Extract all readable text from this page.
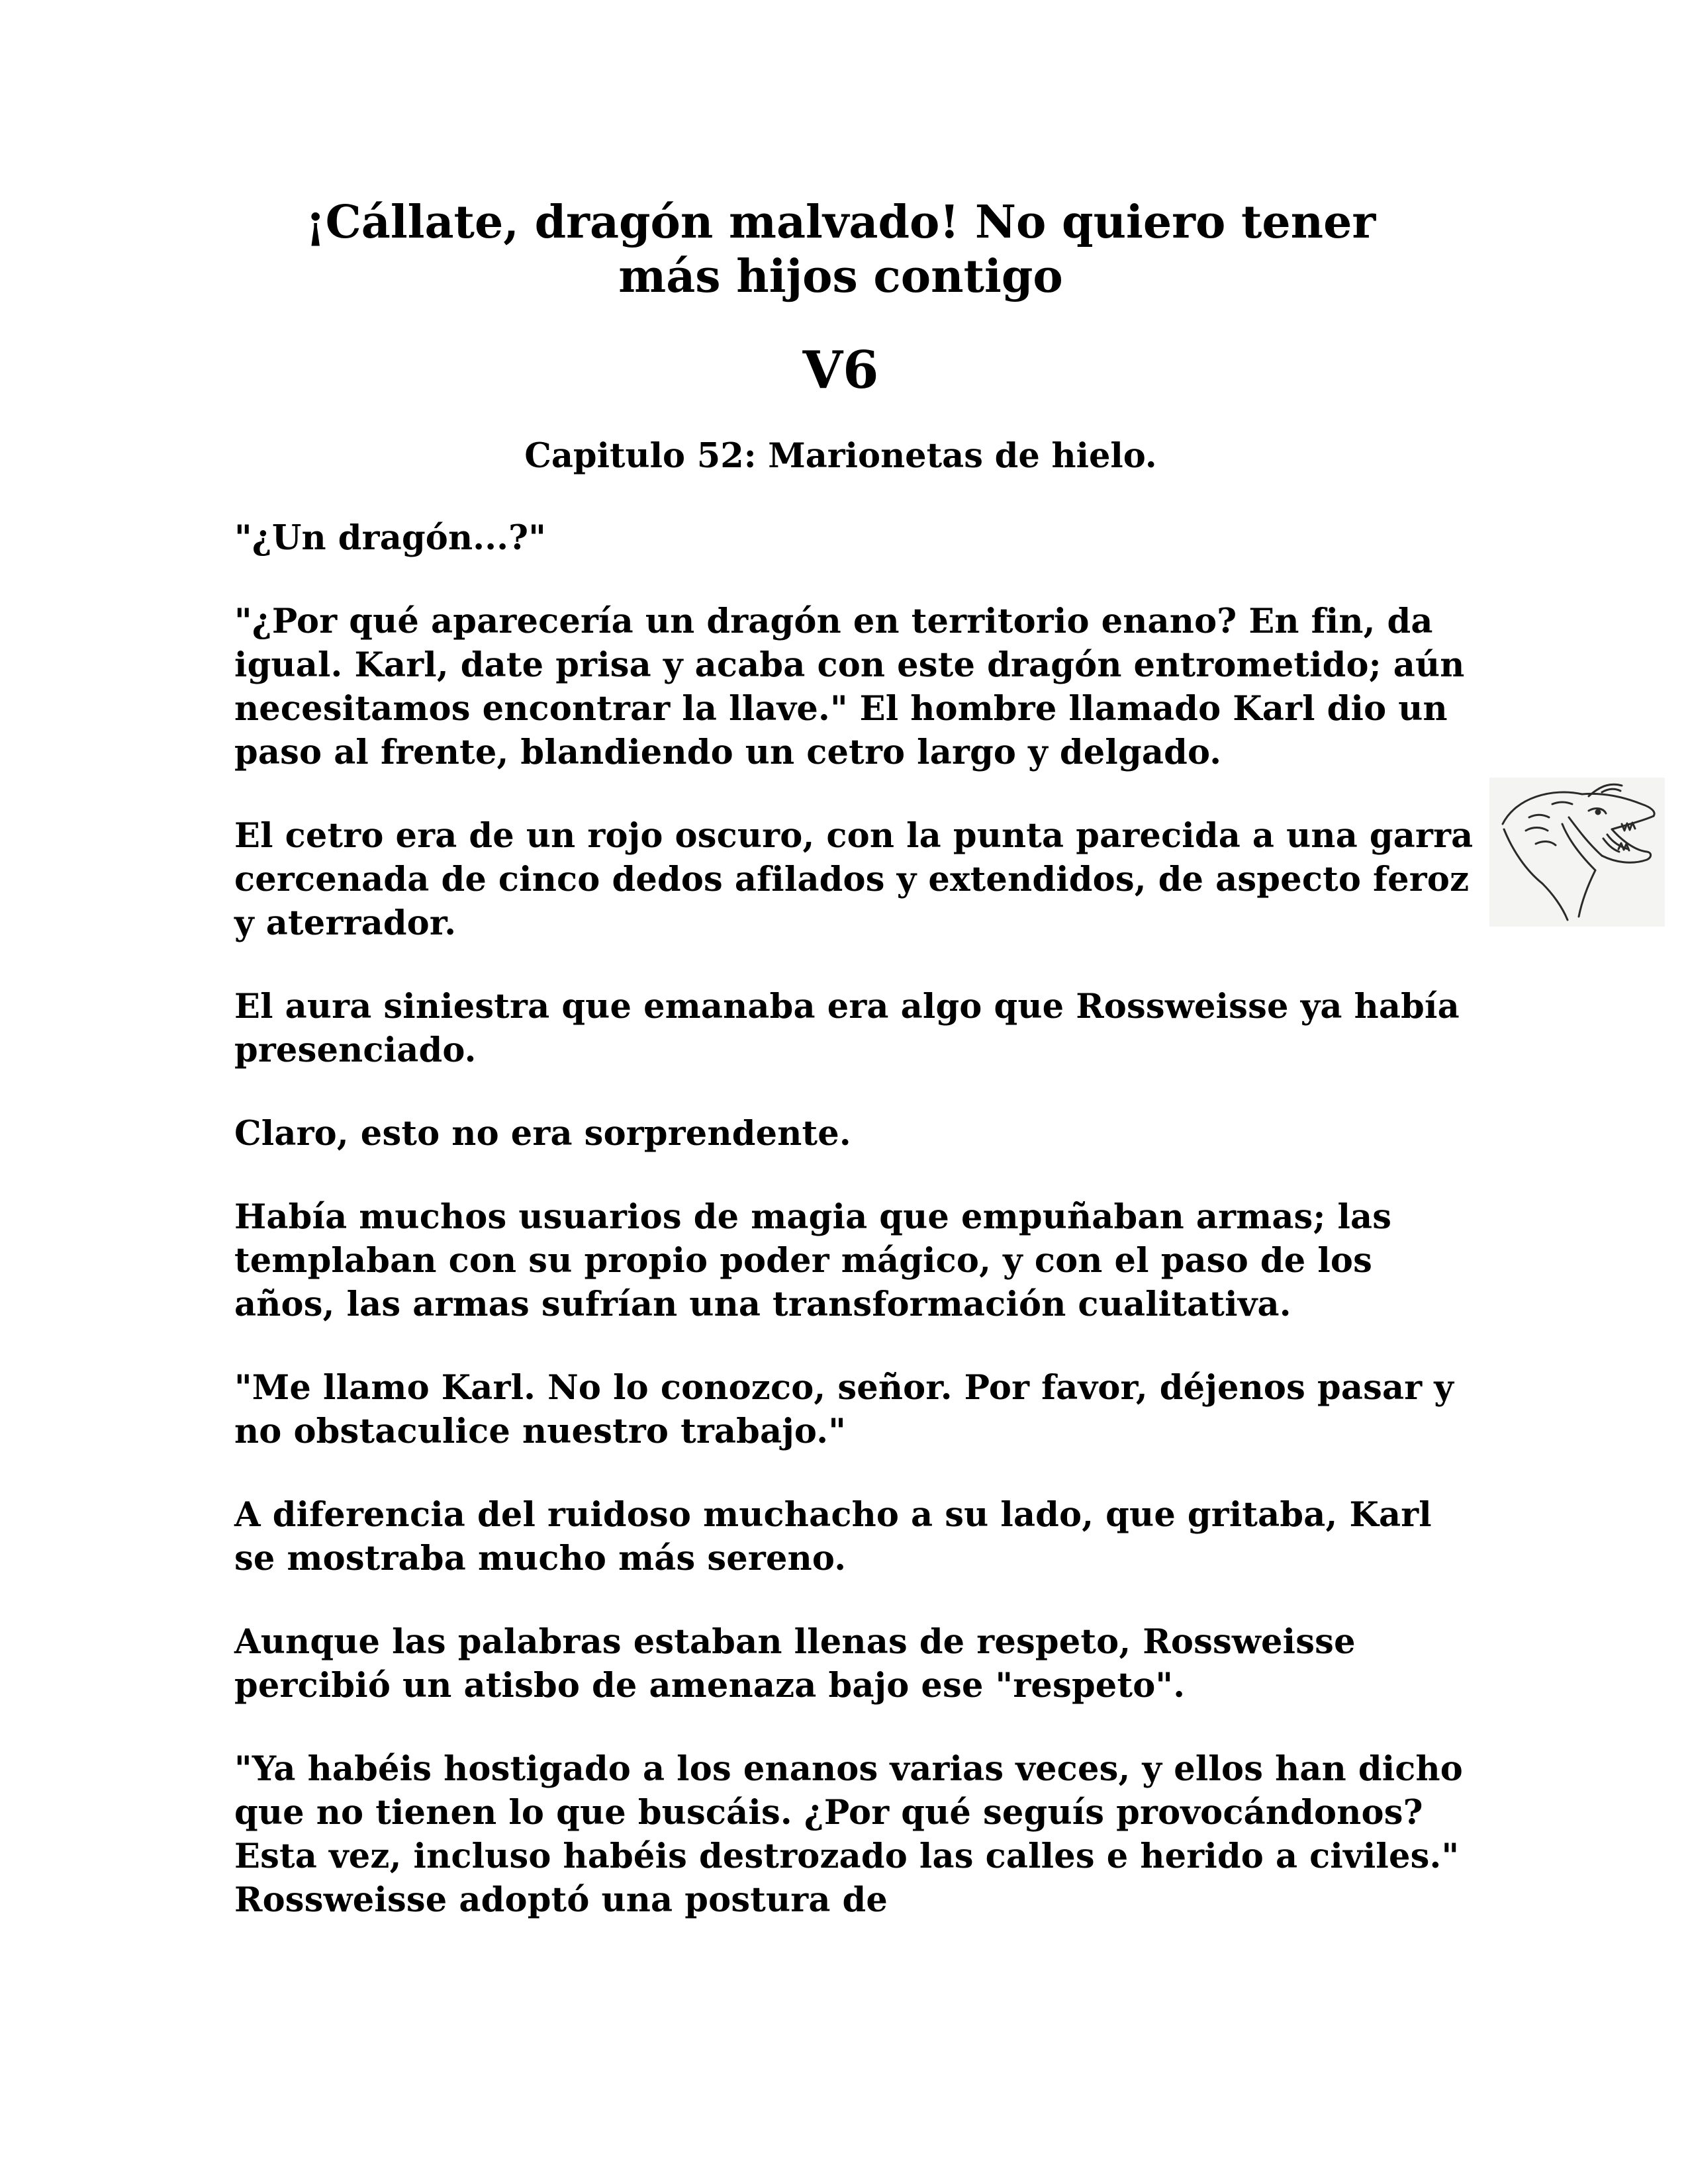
¡Cállate, dragón malvado! No quiero tener
más hijos contigo
V6
Capitulo 52: Marionetas de hielo.

"¿Un dragón...?"

"¿Por qué aparecería un dragón en territorio enano? En fin, da igual. Karl, date prisa y acaba con este dragón entrometido; aún necesitamos encontrar la llave." El hombre llamado Karl dio un paso al frente, blandiendo un cetro largo y delgado.

El cetro era de un rojo oscuro, con la punta parecida a una garra cercenada de cinco dedos afilados y extendidos, de aspecto feroz y aterrador.

El aura siniestra que emanaba era algo que Rossweisse ya había presenciado.

Claro, esto no era sorprendente.

Había muchos usuarios de magia que empuñaban armas; las templaban con su propio poder mágico, y con el paso de los años, las armas sufrían una transformación cualitativa.

"Me llamo Karl. No lo conozco, señor. Por favor, déjenos pasar y no obstaculice nuestro trabajo."

A diferencia del ruidoso muchacho a su lado, que gritaba, Karl se mostraba mucho más sereno.

Aunque las palabras estaban llenas de respeto, Rossweisse percibió un atisbo de amenaza bajo ese "respeto".

"Ya habéis hostigado a los enanos varias veces, y ellos han dicho que no tienen lo que buscáis. ¿Por qué seguís provocándonos? Esta vez, incluso habéis destrozado las calles e herido a civiles." Rossweisse adoptó una postura de
